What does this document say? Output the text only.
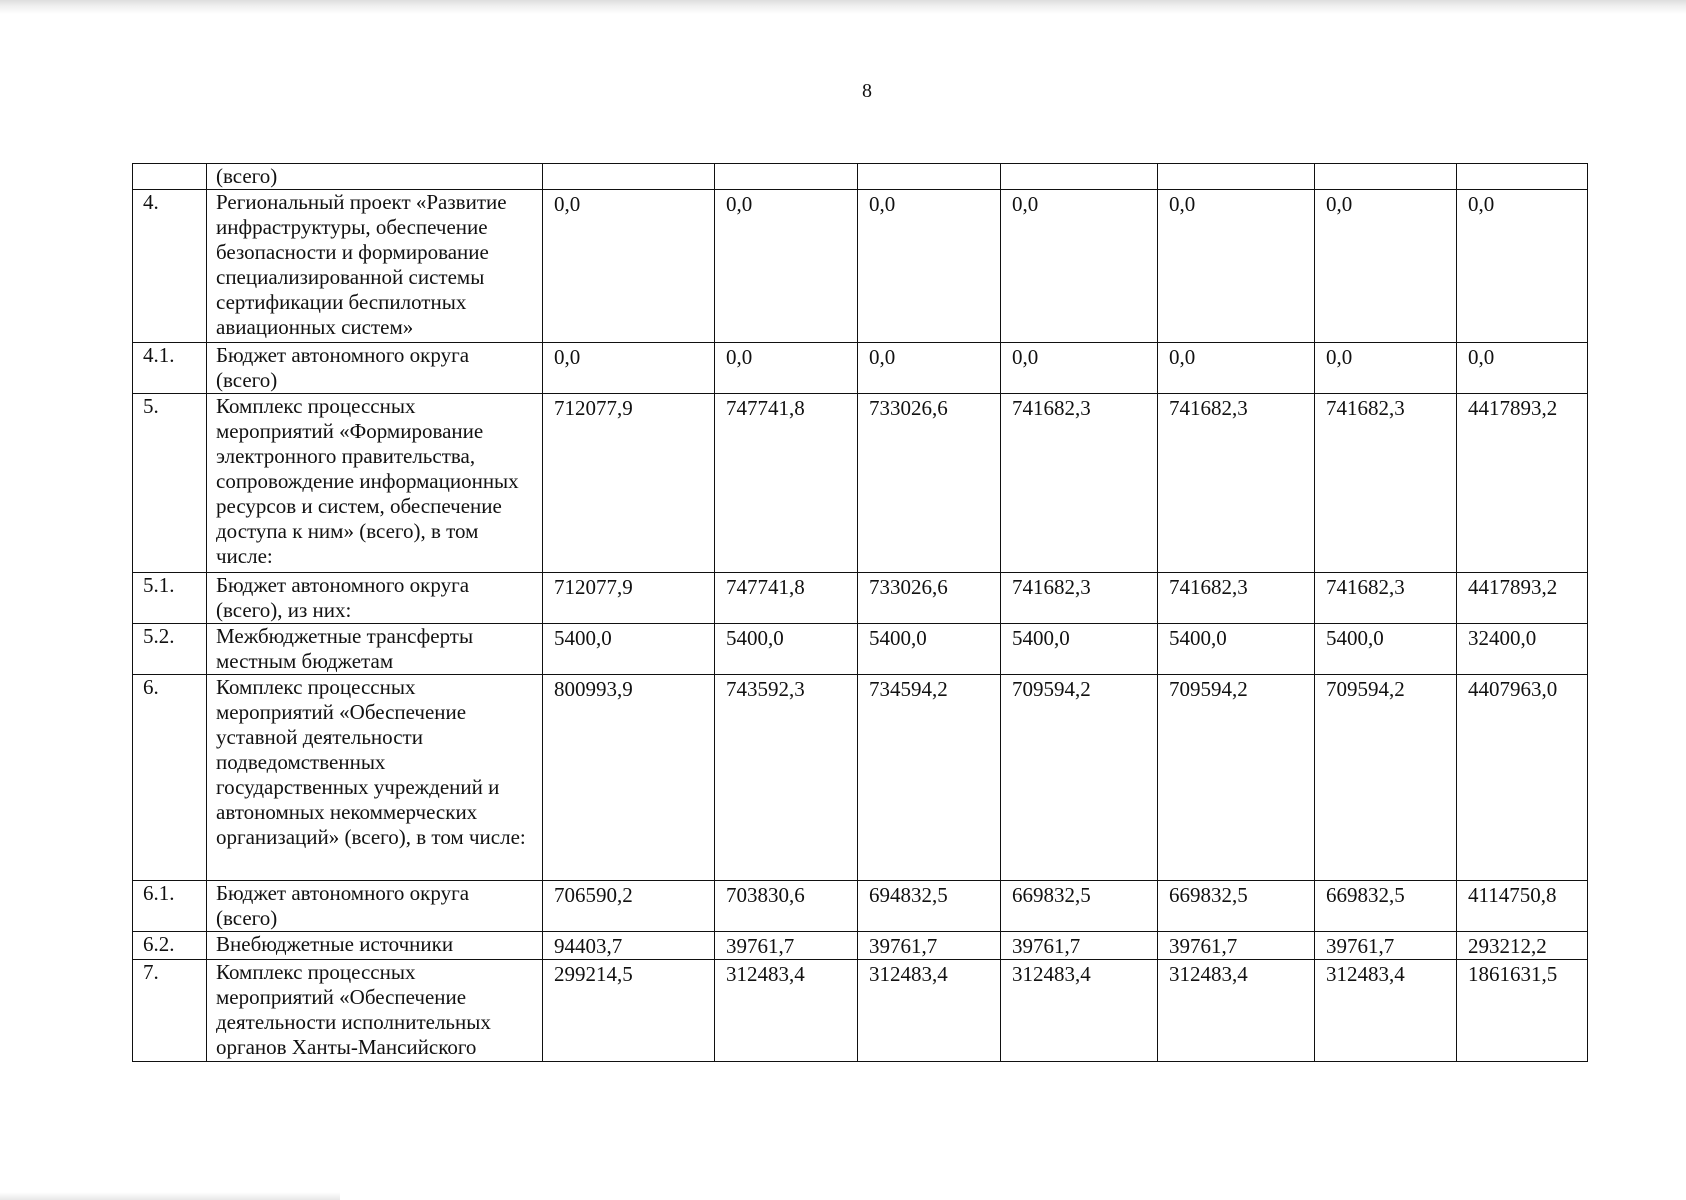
8
	(всего)							
4.	Региональный проект «Развитие инфраструктуры, обеспечение безопасности и формирование специализированной системы сертификации беспилотных авиационных систем»	0,0	0,0	0,0	0,0	0,0	0,0	0,0
4.1.	Бюджет автономного округа (всего)	0,0	0,0	0,0	0,0	0,0	0,0	0,0
5.	Комплекс процессных мероприятий «Формирование электронного правительства, сопровождение информационных ресурсов и систем, обеспечение доступа к ним» (всего), в том числе:	712077,9	747741,8	733026,6	741682,3	741682,3	741682,3	4417893,2
5.1.	Бюджет автономного округа (всего), из них:	712077,9	747741,8	733026,6	741682,3	741682,3	741682,3	4417893,2
5.2.	Межбюджетные трансферты местным бюджетам	5400,0	5400,0	5400,0	5400,0	5400,0	5400,0	32400,0
6.	Комплекс процессных мероприятий «Обеспечение уставной деятельности подведомственных государственных учреждений и автономных некоммерческих организаций» (всего), в том числе:	800993,9	743592,3	734594,2	709594,2	709594,2	709594,2	4407963,0
6.1.	Бюджет автономного округа (всего)	706590,2	703830,6	694832,5	669832,5	669832,5	669832,5	4114750,8
6.2.	Внебюджетные источники	94403,7	39761,7	39761,7	39761,7	39761,7	39761,7	293212,2
7.	Комплекс процессных мероприятий «Обеспечение деятельности исполнительных органов Ханты-Мансийского	299214,5	312483,4	312483,4	312483,4	312483,4	312483,4	1861631,5
